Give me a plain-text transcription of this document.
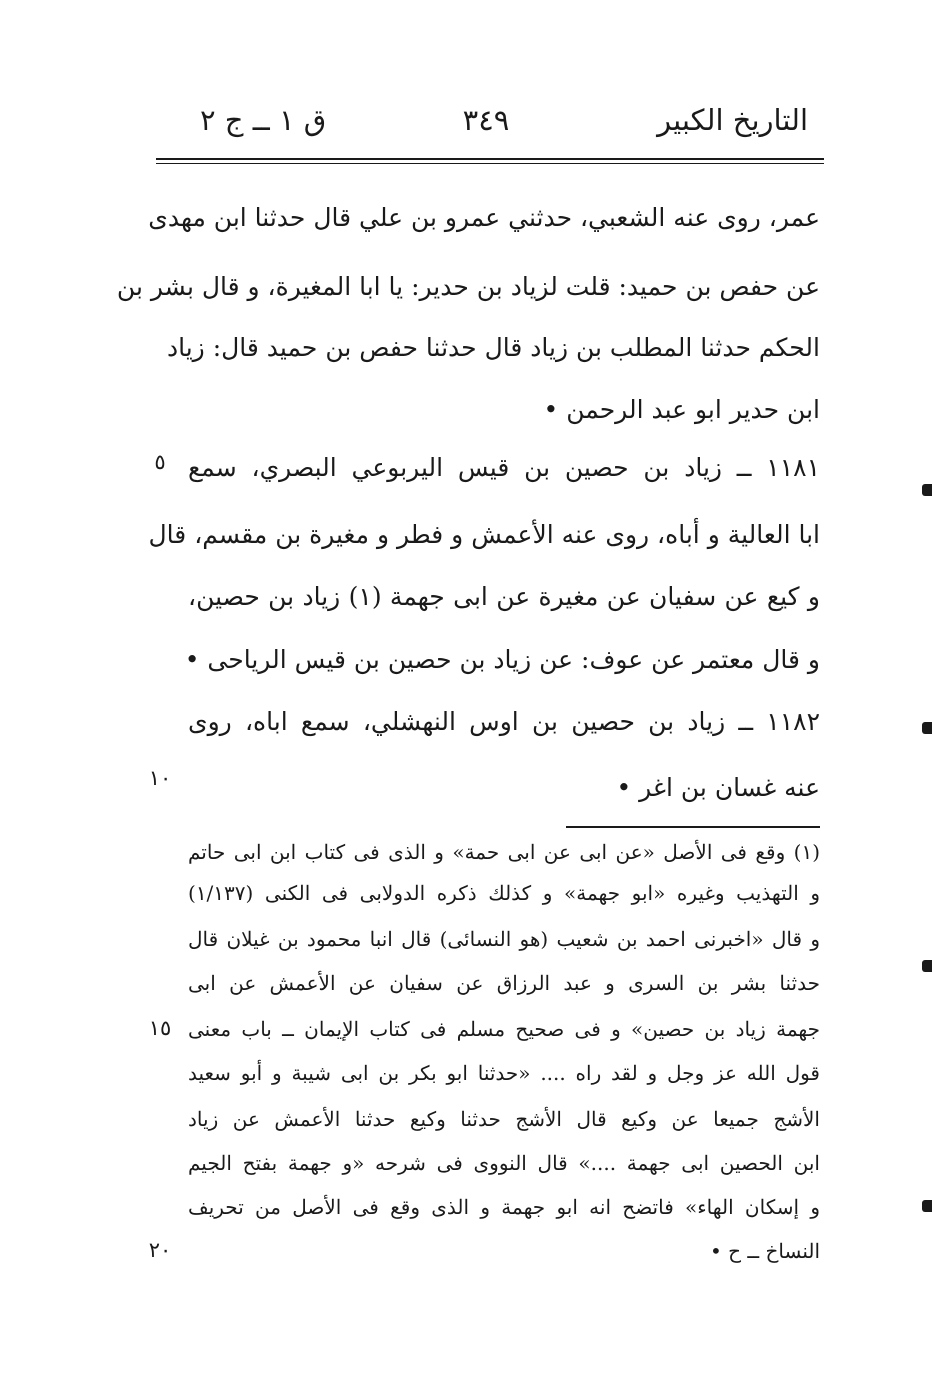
التاريخ الكبير
٣٤٩
ق ١ ــ ج ٢
عمر، روى عنه الشعبي، حدثني عمرو بن علي قال حدثنا ابن مهدى
عن حفص بن حميد: قلت لزياد بن حدير: يا ابا المغيرة، و قال بشر بن
الحكم حدثنا المطلب بن زياد قال حدثنا حفص بن حميد قال: زياد
ابن حدير ابو عبد الرحمن •
١١٨١ ــ زياد بن حصين بن قيس اليربوعي البصري، سمع
ابا العالية و أباه، روى عنه الأعمش و فطر و مغيرة بن مقسم، قال
و كيع عن سفيان عن مغيرة عن ابى جهمة (١) زياد بن حصين،
و قال معتمر عن عوف: عن زياد بن حصين بن قيس الرياحى •
١١٨٢ ــ زياد بن حصين بن اوس النهشلي، سمع اباه، روى
عنه غسان بن اغر •
(١) وقع فى الأصل «عن ابى عن ابى حمة» و الذى فى كتاب ابن ابى حاتم
و التهذيب وغيره «ابو جهمة» و كذلك ذكره الدولابى فى الكنى (١/١٣٧)
و قال «اخبرنى احمد بن شعيب (هو النسائى) قال انبا محمود بن غيلان قال
حدثنا بشر بن السرى و عبد الرزاق عن سفيان عن الأعمش عن ابى
جهمة زياد بن حصين» و فى صحيح مسلم فى كتاب الإيمان ــ باب معنى
قول الله عز وجل و لقد راه .... «حدثنا ابو بكر بن ابى شيبة و أبو سعيد
الأشج جميعا عن وكيع قال الأشج حدثنا وكيع حدثنا الأعمش عن زياد
ابن الحصين ابى جهمة ....» قال النووى فى شرحه «و جهمة بفتح الجيم
و إسكان الهاء» فاتضح انه ابو جهمة و الذى وقع فى الأصل من تحريف
النساخ ــ ح •
٥
١٠
١٥
٢٠
